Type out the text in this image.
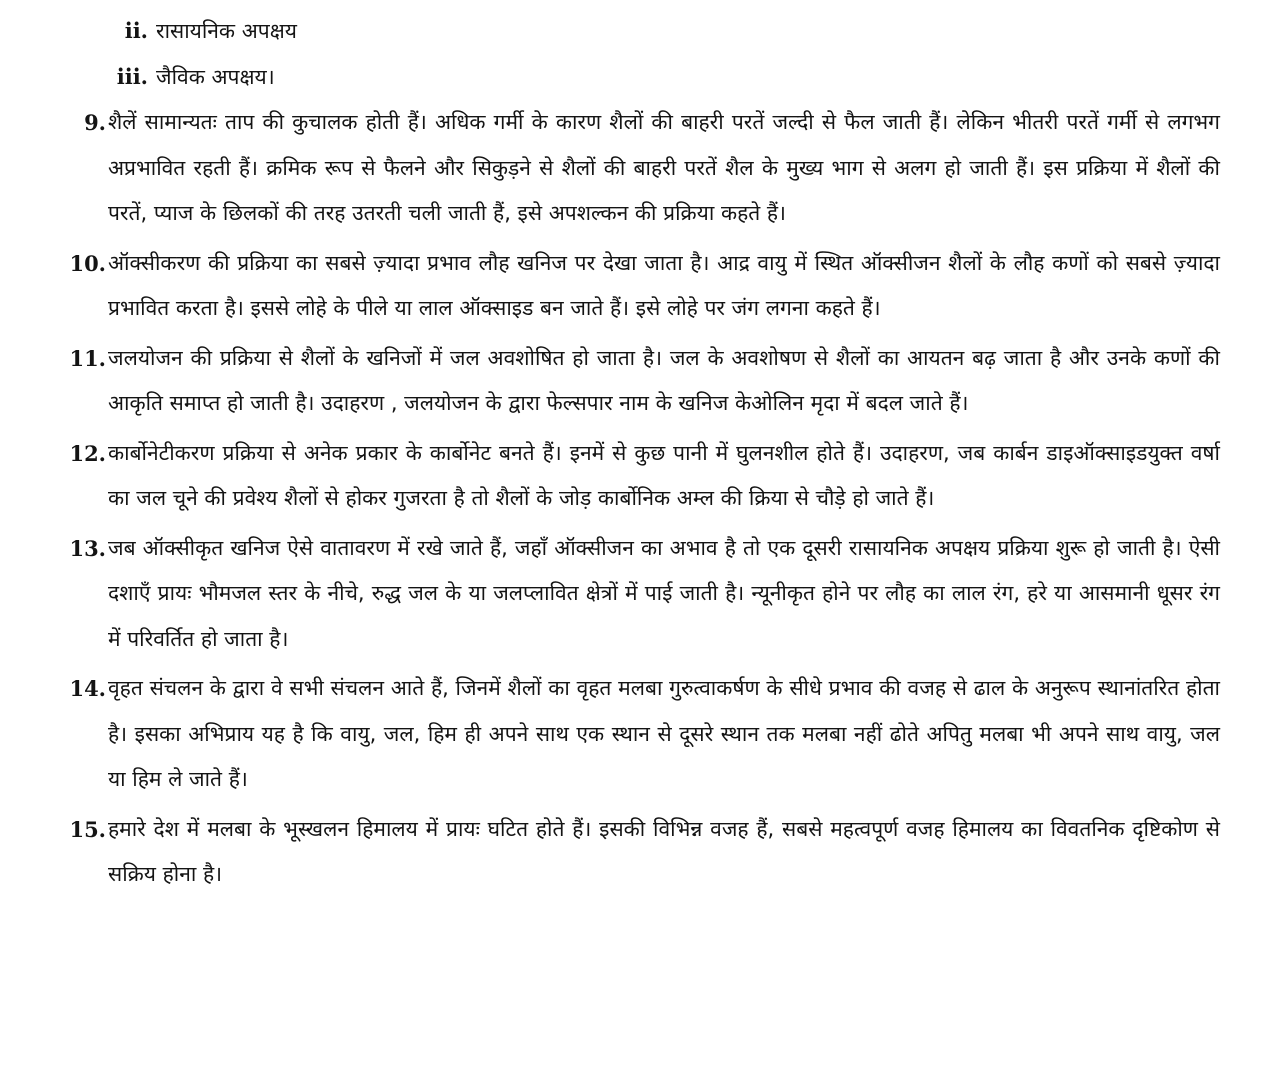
ii. रासायनिक अपक्षय
iii. जैविक अपक्षय।
9. शैलें सामान्यतः ताप की कुचालक होती हैं। अधिक गर्मी के कारण शैलों की बाहरी परतें जल्दी से फैल जाती हैं। लेकिन भीतरी परतें गर्मी से लगभग अप्रभावित रहती हैं। क्रमिक रूप से फैलने और सिकुड़ने से शैलों की बाहरी परतें शैल के मुख्य भाग से अलग हो जाती हैं। इस प्रक्रिया में शैलों की परतें, प्याज के छिलकों की तरह उतरती चली जाती हैं, इसे अपशल्कन की प्रक्रिया कहते हैं।
10. ऑक्सीकरण की प्रक्रिया का सबसे ज़्यादा प्रभाव लौह खनिज पर देखा जाता है। आद्र वायु में स्थित ऑक्सीजन शैलों के लौह कणों को सबसे ज़्यादा प्रभावित करता है। इससे लोहे के पीले या लाल ऑक्साइड बन जाते हैं। इसे लोहे पर जंग लगना कहते हैं।
11. जलयोजन की प्रक्रिया से शैलों के खनिजों में जल अवशोषित हो जाता है। जल के अवशोषण से शैलों का आयतन बढ़ जाता है और उनके कणों की आकृति समाप्त हो जाती है। उदाहरण , जलयोजन के द्वारा फेल्सपार नाम के खनिज केओलिन मृदा में बदल जाते हैं।
12. कार्बोनेटीकरण प्रक्रिया से अनेक प्रकार के कार्बोनेट बनते हैं। इनमें से कुछ पानी में घुलनशील होते हैं। उदाहरण, जब कार्बन डाइऑक्साइडयुक्त वर्षा का जल चूने की प्रवेश्य शैलों से होकर गुजरता है तो शैलों के जोड़ कार्बोनिक अम्ल की क्रिया से चौड़े हो जाते हैं।
13. जब ऑक्सीकृत खनिज ऐसे वातावरण में रखे जाते हैं, जहाँ ऑक्सीजन का अभाव है तो एक दूसरी रासायनिक अपक्षय प्रक्रिया शुरू हो जाती है। ऐसी दशाएँ प्रायः भौमजल स्तर के नीचे, रुद्ध जल के या जलप्लावित क्षेत्रों में पाई जाती है। न्यूनीकृत होने पर लौह का लाल रंग, हरे या आसमानी धूसर रंग में परिवर्तित हो जाता है।
14. वृहत संचलन के द्वारा वे सभी संचलन आते हैं, जिनमें शैलों का वृहत मलबा गुरुत्वाकर्षण के सीधे प्रभाव की वजह से ढाल के अनुरूप स्थानांतरित होता है। इसका अभिप्राय यह है कि वायु, जल, हिम ही अपने साथ एक स्थान से दूसरे स्थान तक मलबा नहीं ढोते अपितु मलबा भी अपने साथ वायु, जल या हिम ले जाते हैं।
15. हमारे देश में मलबा के भूस्खलन हिमालय में प्रायः घटित होते हैं। इसकी विभिन्न वजह हैं, सबसे महत्वपूर्ण वजह हिमालय का विवतनिक दृष्टिकोण से सक्रिय होना है।
